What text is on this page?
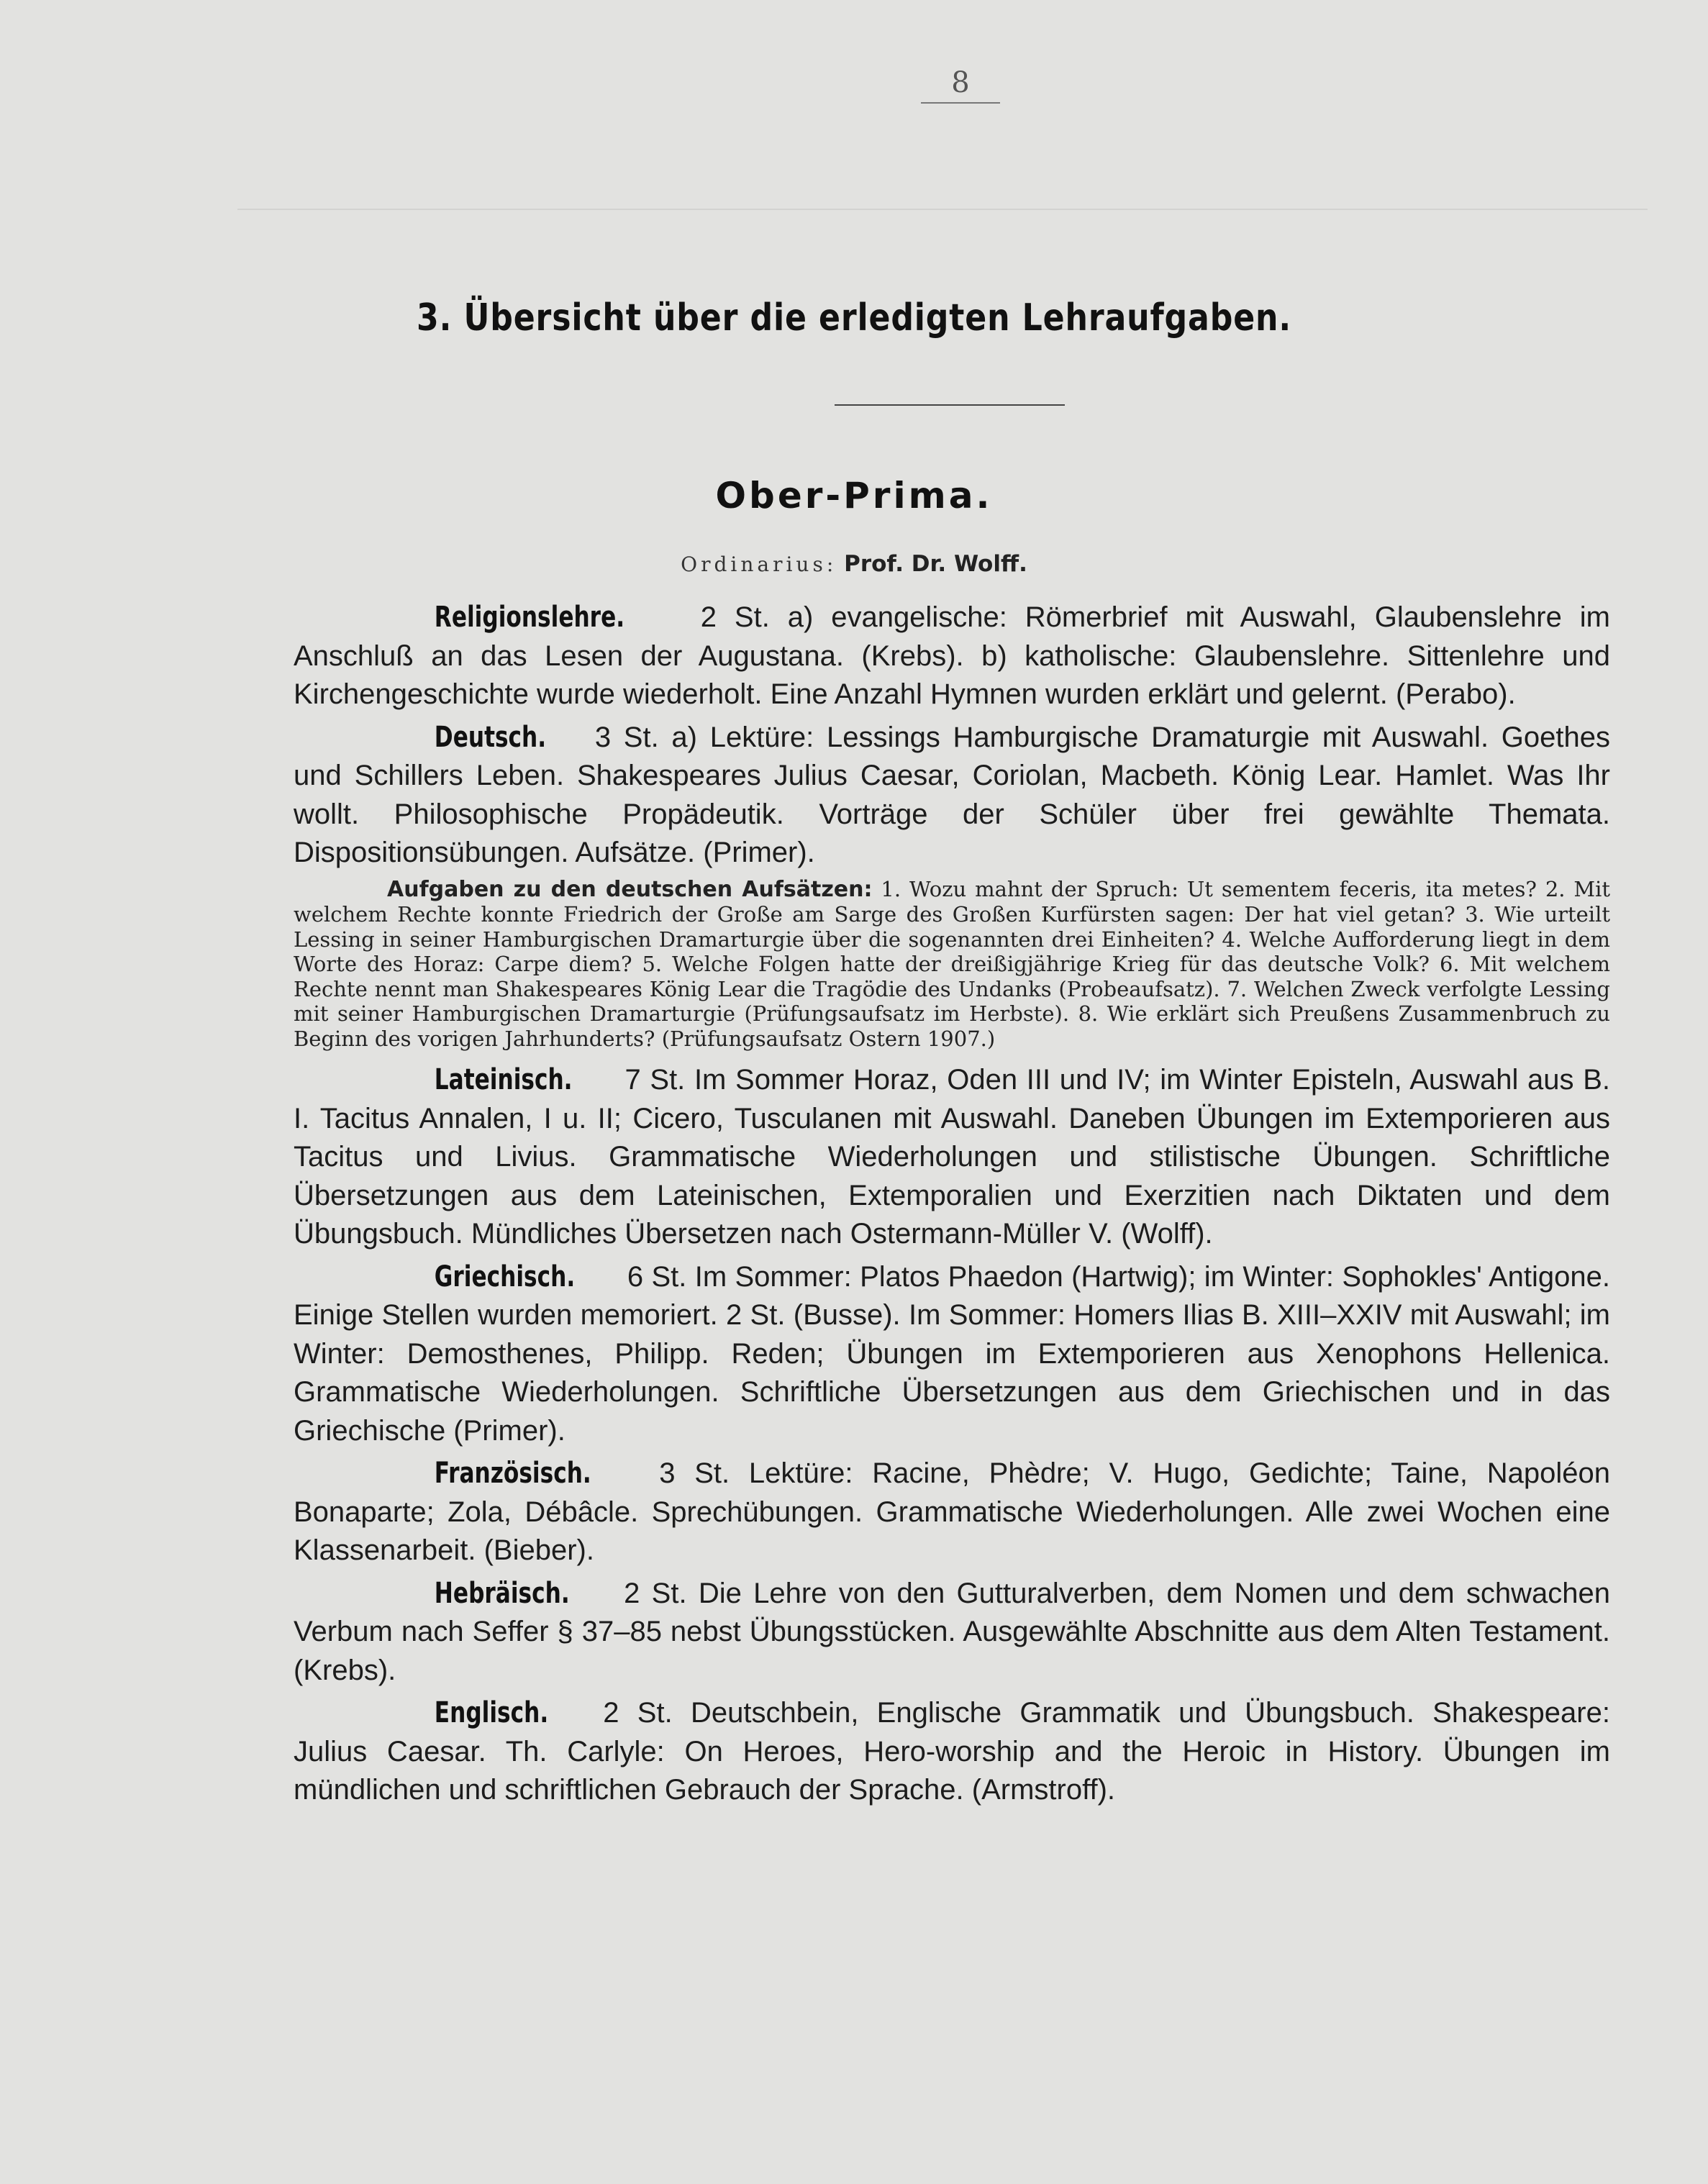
8
3. Übersicht über die erledigten Lehraufgaben.
Ober-Prima.
Ordinarius: Prof. Dr. Wolff.

Religionslehre.	2 St. a) evangelische: Römerbrief mit Auswahl, Glaubenslehre im Anschluß an das Lesen der Augustana. (Krebs). b) katholische: Glaubenslehre. Sittenlehre und Kirchengeschichte wurde wiederholt. Eine Anzahl Hymnen wurden erklärt und gelernt. (Perabo).

Deutsch. 3 St. a) Lektüre: Lessings Hamburgische Dramaturgie mit Auswahl. Goethes und Schillers Leben. Shakespeares Julius Caesar, Coriolan, Macbeth. König Lear. Hamlet. Was Ihr wollt. Philosophische Propädeutik. Vorträge der Schüler über frei gewählte Themata. Dispositionsübungen. Aufsätze. (Primer).

Aufgaben zu den deutschen Aufsätzen: 1. Wozu mahnt der Spruch: Ut sementem feceris, ita metes? 2. Mit welchem Rechte konnte Friedrich der Große am Sarge des Großen Kurfürsten sagen: Der hat viel getan? 3. Wie urteilt Lessing in seiner Hamburgischen Dramarturgie über die sogenannten drei Einheiten? 4. Welche Aufforderung liegt in dem Worte des Horaz: Carpe diem? 5. Welche Folgen hatte der dreißigjährige Krieg für das deutsche Volk? 6. Mit welchem Rechte nennt man Shakespeares König Lear die Tragödie des Undanks (Probeaufsatz). 7. Welchen Zweck verfolgte Lessing mit seiner Hamburgischen Dramarturgie (Prüfungsaufsatz im Herbste). 8. Wie erklärt sich Preußens Zusammenbruch zu Beginn des vorigen Jahrhunderts? (Prüfungsaufsatz Ostern 1907.)

Lateinisch. 7 St. Im Sommer Horaz, Oden III und IV; im Winter Episteln, Auswahl aus B. I. Tacitus Annalen, I u. II; Cicero, Tusculanen mit Auswahl. Daneben Übungen im Extemporieren aus Tacitus und Livius. Grammatische Wiederholungen und stilistische Übungen. Schriftliche Übersetzungen aus dem Lateinischen, Extemporalien und Exerzitien nach Diktaten und dem Übungsbuch. Mündliches Übersetzen nach Ostermann-Müller V. (Wolff).

Griechisch. 6 St. Im Sommer: Platos Phaedon (Hartwig); im Winter: Sophokles' Antigone. Einige Stellen wurden memoriert. 2 St. (Busse). Im Sommer: Homers Ilias B. XIII–XXIV mit Auswahl; im Winter: Demosthenes, Philipp. Reden; Übungen im Extemporieren aus Xenophons Hellenica. Grammatische Wiederholungen. Schriftliche Übersetzungen aus dem Griechischen und in das Griechische (Primer).

Französisch. 3 St. Lektüre: Racine, Phèdre; V. Hugo, Gedichte; Taine, Napoléon Bonaparte; Zola, Débâcle. Sprechübungen. Grammatische Wiederholungen. Alle zwei Wochen eine Klassenarbeit. (Bieber).

Hebräisch. 2 St. Die Lehre von den Gutturalverben, dem Nomen und dem schwachen Verbum nach Seffer § 37–85 nebst Übungsstücken. Ausgewählte Abschnitte aus dem Alten Testament. (Krebs).

Englisch. 2 St. Deutschbein, Englische Grammatik und Übungsbuch. Shakespeare: Julius Caesar. Th. Carlyle: On Heroes, Hero-worship and the Heroic in History. Übungen im mündlichen und schriftlichen Gebrauch der Sprache. (Armstroff).
